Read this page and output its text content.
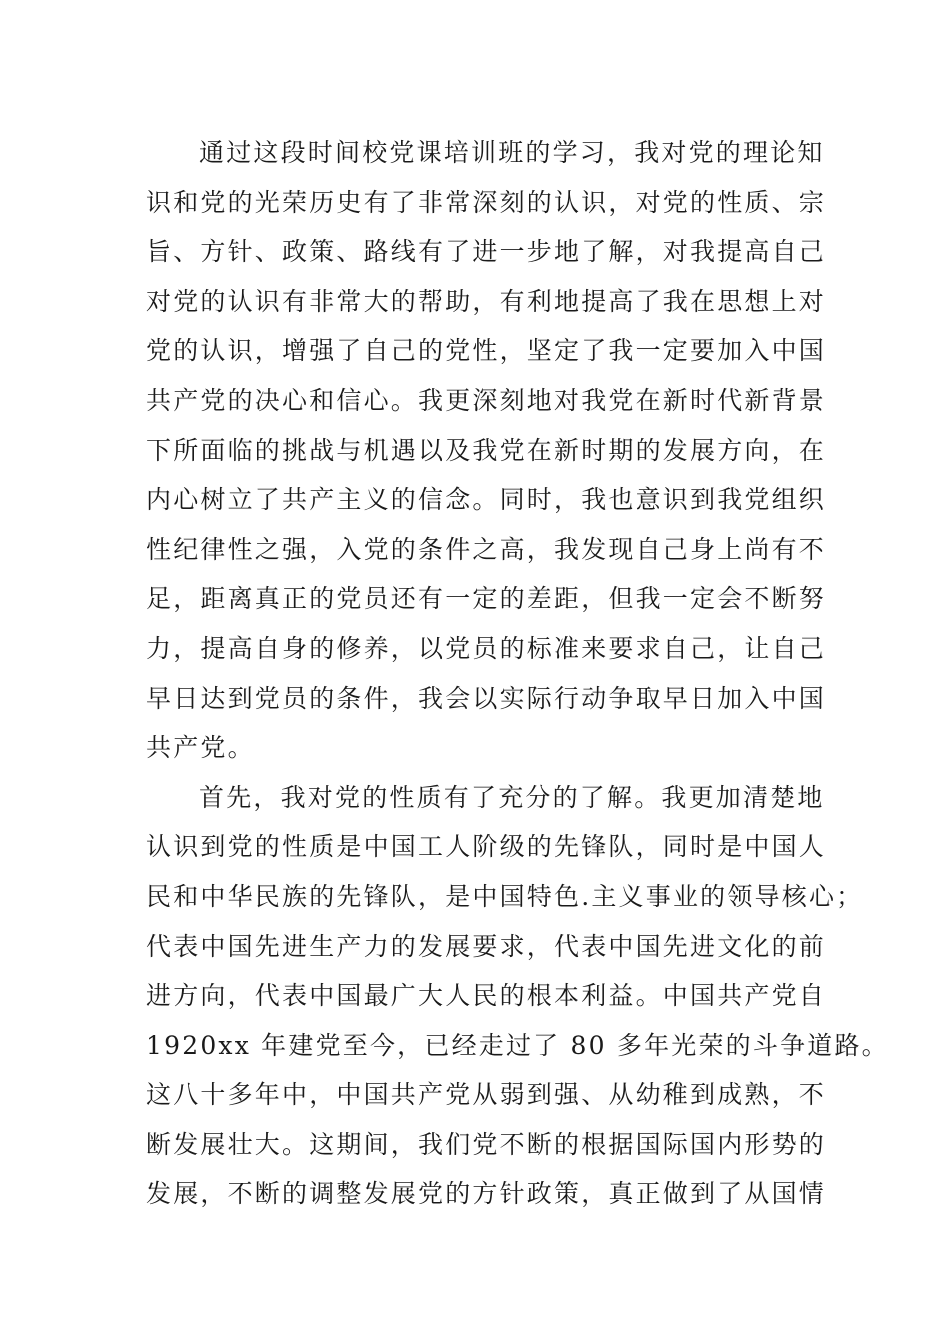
通过这段时间校党课培训班的学习，我对党的理论知
识和党的光荣历史有了非常深刻的认识，对党的性质、宗
旨、方针、政策、路线有了进一步地了解，对我提高自己
对党的认识有非常大的帮助，有利地提高了我在思想上对
党的认识，增强了自己的党性，坚定了我一定要加入中国
共产党的决心和信心。我更深刻地对我党在新时代新背景
下所面临的挑战与机遇以及我党在新时期的发展方向，在
内心树立了共产主义的信念。同时，我也意识到我党组织
性纪律性之强，入党的条件之高，我发现自己身上尚有不
足，距离真正的党员还有一定的差距，但我一定会不断努
力，提高自身的修养，以党员的标准来要求自己，让自己
早日达到党员的条件，我会以实际行动争取早日加入中国
共产党。
首先，我对党的性质有了充分的了解。我更加清楚地
认识到党的性质是中国工人阶级的先锋队，同时是中国人
民和中华民族的先锋队，是中国特色.主义事业的领导核心；
代表中国先进生产力的发展要求，代表中国先进文化的前
进方向，代表中国最广大人民的根本利益。中国共产党自
1920xx 年建党至今，已经走过了 80 多年光荣的斗争道路。
这八十多年中，中国共产党从弱到强、从幼稚到成熟，不
断发展壮大。这期间，我们党不断的根据国际国内形势的
发展，不断的调整发展党的方针政策，真正做到了从国情
